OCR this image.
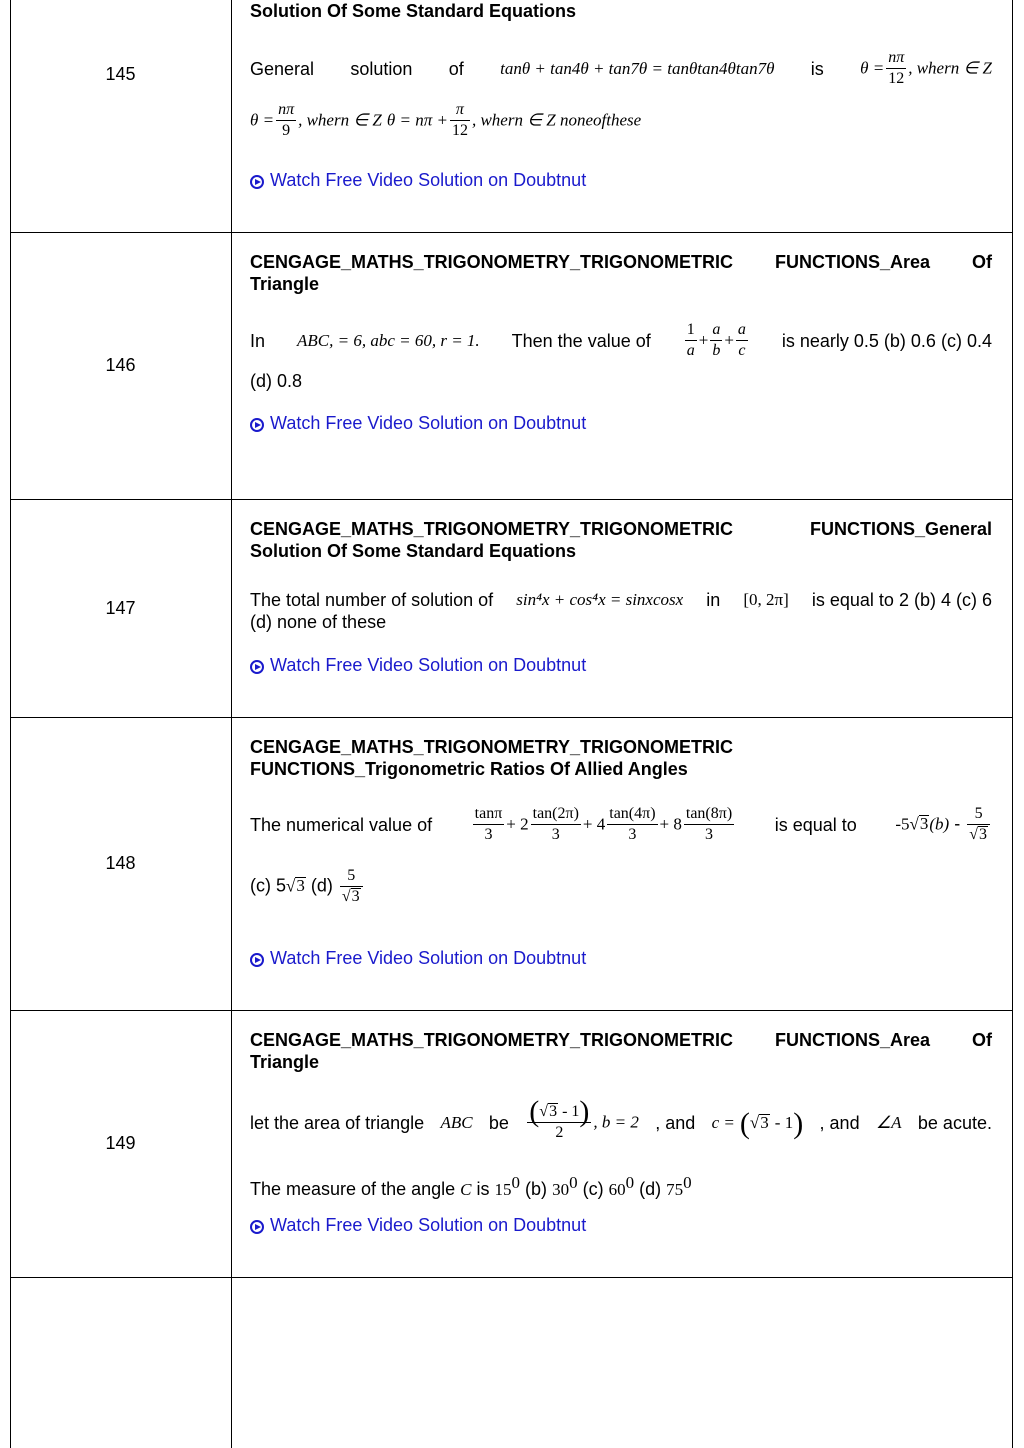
145
Solution Of Some Standard Equations
General solution of tanθ + tan4θ + tan7θ = tanθtan4θtan7θ is $\theta = \frac{n\pi}{12}$ , whern ∈ Z
$\theta = \frac{n\pi}{9}$ , whern ∈ Z $\theta = n\pi + \frac{\pi}{12}$ , whern ∈ Z nonеofthese
Watch Free Video Solution on Doubtnut
146
CENGAGE_MATHS_TRIGONOMETRY_TRIGONOMETRIC FUNCTIONS_Area Of
Triangle
In ABC, = 6, abc = 60, r = 1. Then the value of $\frac{1}{a} + \frac{a}{b} + \frac{a}{c}$ is nearly 0.5 (b) 0.6 (c) 0.4
(d) 0.8
Watch Free Video Solution on Doubtnut
147
CENGAGE_MATHS_TRIGONOMETRY_TRIGONOMETRIC FUNCTIONS_General
Solution Of Some Standard Equations
The total number of solution of sin⁴x + cos⁴x = sinxcosx in [0, 2π] is equal to 2 (b) 4 (c) 6
(d) none of these
Watch Free Video Solution on Doubtnut
148
CENGAGE_MATHS_TRIGONOMETRY_TRIGONOMETRIC
FUNCTIONS_Trigonometric Ratios Of Allied Angles
The numerical value of	$\frac{\tan\pi}{3} + 2 \frac{\tan(2\pi)}{3} + 4 \frac{\tan(4\pi)}{3} + 8 \frac{\tan(8\pi)}{3}$ is equal to $-5√3(b) - \frac{5}{√3}$
(c) 5√3 $(d) \frac{5}{√3}$
Watch Free Video Solution on Doubtnut
149
CENGAGE_MATHS_TRIGONOMETRY_TRIGONOMETRIC FUNCTIONS_Area Of
Triangle
let the area of triangle ABC be $\frac{(√3 - 1)}{2}$ , b = 2 , and c = (√3 - 1) , and ∠A be acute.
The measure of the angle C is $15^0$ (b) $30^0$ (c) $60^0$ (d) $75^0$
Watch Free Video Solution on Doubtnut
